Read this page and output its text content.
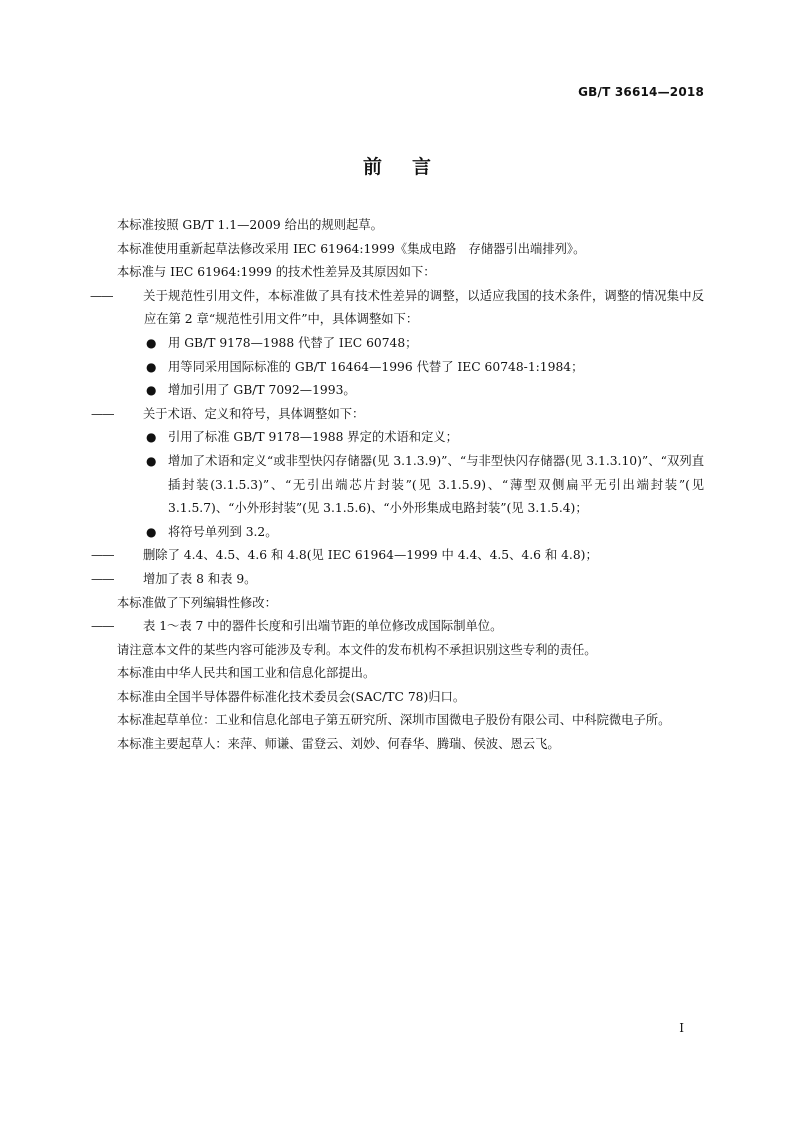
GB/T 36614—2018
前言

本标准按照 GB/T 1.1—2009 给出的规则起草。

本标准使用重新起草法修改采用 IEC 61964:1999《集成电路　存储器引出端排列》。

本标准与 IEC 61964:1999 的技术性差异及其原因如下：

—— 关于规范性引用文件，本标准做了具有技术性差异的调整，以适应我国的技术条件，调整的情况集中反应在第 2 章“规范性引用文件”中，具体调整如下：

● 用 GB/T 9178—1988 代替了 IEC 60748；

● 用等同采用国际标准的 GB/T 16464—1996 代替了 IEC 60748-1:1984；

● 增加引用了 GB/T 7092—1993。

—— 关于术语、定义和符号，具体调整如下：

● 引用了标准 GB/T 9178—1988 界定的术语和定义；

● 增加了术语和定义“或非型快闪存储器(见 3.1.3.9)”、“与非型快闪存储器(见 3.1.3.10)”、“双列直插封装(3.1.5.3)”、“无引出端芯片封装”(见 3.1.5.9)、“薄型双侧扁平无引出端封装”(见 3.1.5.7)、“小外形封装”(见 3.1.5.6)、“小外形集成电路封装”(见 3.1.5.4)；

● 将符号单列到 3.2。

—— 删除了 4.4、4.5、4.6 和 4.8(见 IEC 61964—1999 中 4.4、4.5、4.6 和 4.8)；

—— 增加了表 8 和表 9。

本标准做了下列编辑性修改：

—— 表 1～表 7 中的器件长度和引出端节距的单位修改成国际制单位。

请注意本文件的某些内容可能涉及专利。本文件的发布机构不承担识别这些专利的责任。

本标准由中华人民共和国工业和信息化部提出。

本标准由全国半导体器件标准化技术委员会(SAC/TC 78)归口。

本标准起草单位：工业和信息化部电子第五研究所、深圳市国微电子股份有限公司、中科院微电子所。

本标准主要起草人：来萍、师谦、雷登云、刘妙、何春华、腾瑞、侯波、恩云飞。

I
